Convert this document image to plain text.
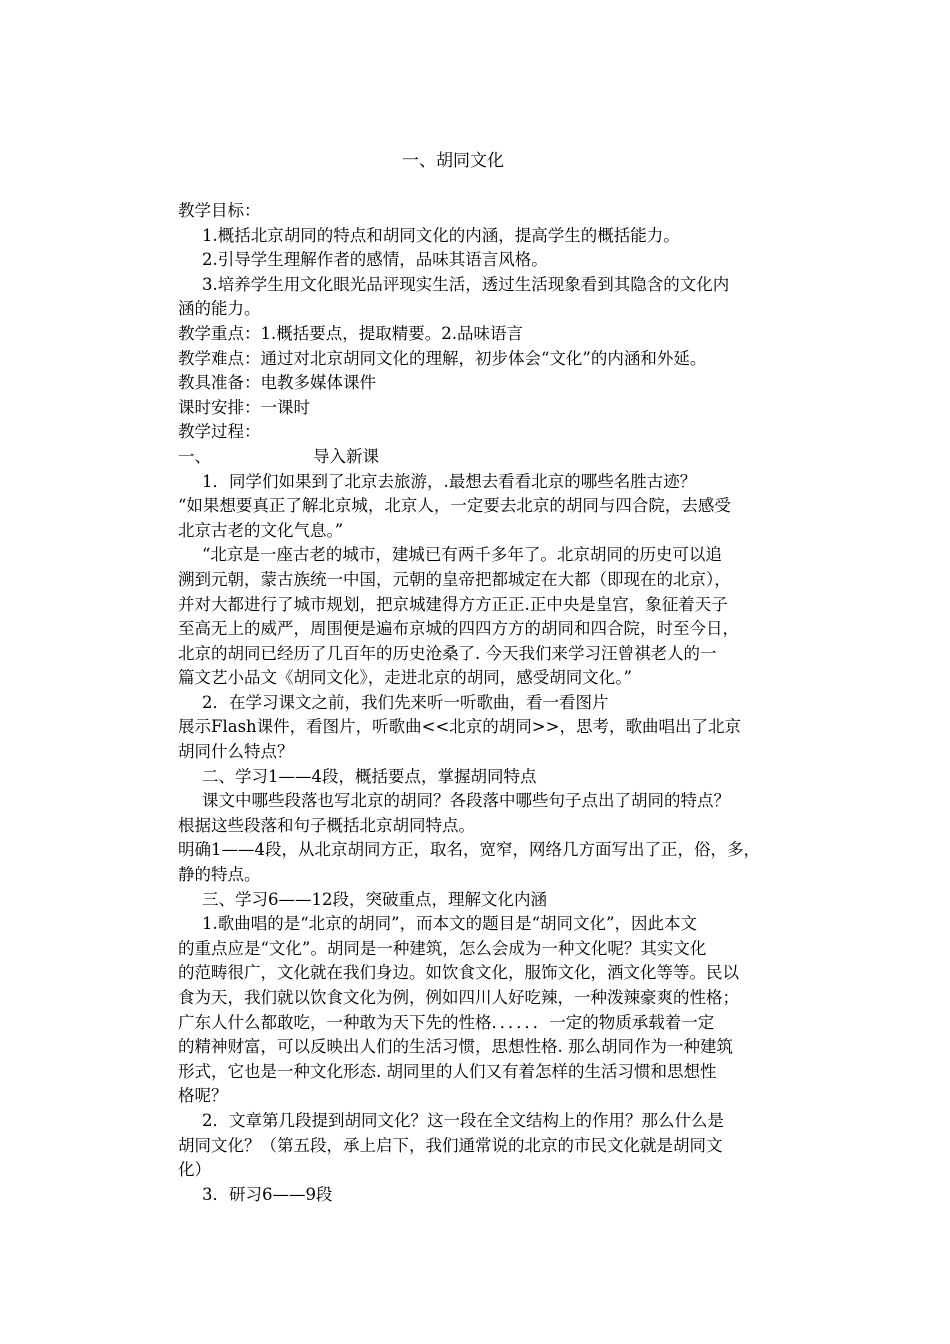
一、胡同文化
教学目标：
1.概括北京胡同的特点和胡同文化的内涵，提高学生的概括能力。
2.引导学生理解作者的感情，品味其语言风格。
3.培养学生用文化眼光品评现实生活，透过生活现象看到其隐含的文化内
涵的能力。
教学重点：1.概括要点，提取精要。2.品味语言
教学难点：通过对北京胡同文化的理解，初步体会“文化”的内涵和外延。
教具准备：电教多媒体课件
课时安排：一课时
教学过程：
一、	导入新课
1．同学们如果到了北京去旅游，.最想去看看北京的哪些名胜古迹？
“如果想要真正了解北京城，北京人，一定要去北京的胡同与四合院，去感受
北京古老的文化气息。”
“北京是一座古老的城市，建城已有两千多年了。北京胡同的历史可以追
溯到元朝，蒙古族统一中国，元朝的皇帝把都城定在大都（即现在的北京），
并对大都进行了城市规划，把京城建得方方正正.正中央是皇宫，象征着天子
至高无上的威严，周围便是遍布京城的四四方方的胡同和四合院，时至今日，
北京的胡同已经历了几百年的历史沧桑了. 今天我们来学习汪曾祺老人的一
篇文艺小品文《胡同文化》，走进北京的胡同，感受胡同文化。”
2．在学习课文之前，我们先来听一听歌曲，看一看图片
展示Flash课件，看图片，听歌曲<<北京的胡同>>，思考，歌曲唱出了北京
胡同什么特点？
二、学习1——4段，概括要点，掌握胡同特点
课文中哪些段落也写北京的胡同？各段落中哪些句子点出了胡同的特点？
根据这些段落和句子概括北京胡同特点。
明确1——4段，从北京胡同方正，取名，宽窄，网络几方面写出了正，俗，多，
静的特点。
三、学习6——12段，突破重点，理解文化内涵
1.歌曲唱的是“北京的胡同”，而本文的题目是“胡同文化”，因此本文
的重点应是“文化”。胡同是一种建筑，怎么会成为一种文化呢？其实文化
的范畴很广，文化就在我们身边。如饮食文化，服饰文化，酒文化等等。民以
食为天，我们就以饮食文化为例，例如四川人好吃辣，一种泼辣豪爽的性格；
广东人什么都敢吃，一种敢为天下先的性格．．．．．．一定的物质承载着一定
的精神财富，可以反映出人们的生活习惯，思想性格. 那么胡同作为一种建筑
形式，它也是一种文化形态. 胡同里的人们又有着怎样的生活习惯和思想性
格呢？
2．文章第几段提到胡同文化？这一段在全文结构上的作用？那么什么是
胡同文化？（第五段，承上启下，我们通常说的北京的市民文化就是胡同文
化）
3．研习6——9段
